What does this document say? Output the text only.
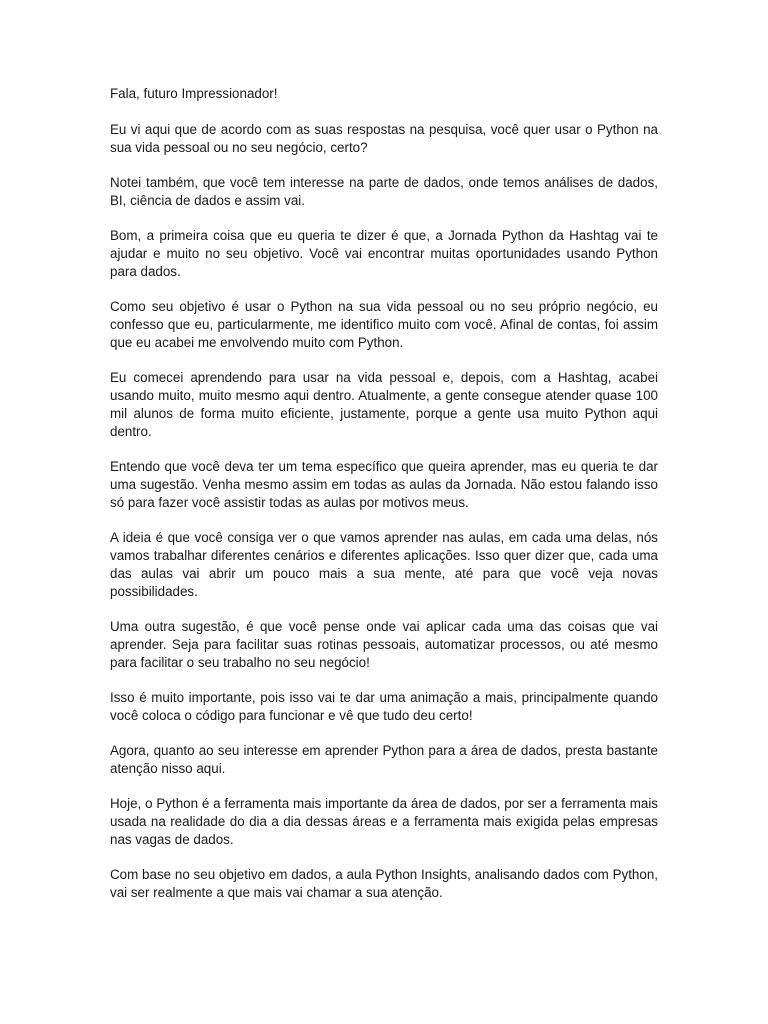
Fala, futuro Impressionador!

Eu vi aqui que de acordo com as suas respostas na pesquisa, você quer usar o Python na sua vida pessoal ou no seu negócio, certo?

Notei também, que você tem interesse na parte de dados, onde temos análises de dados, BI, ciência de dados e assim vai.

Bom, a primeira coisa que eu queria te dizer é que, a Jornada Python da Hashtag vai te ajudar e muito no seu objetivo. Você vai encontrar muitas oportunidades usando Python para dados.

Como seu objetivo é usar o Python na sua vida pessoal ou no seu próprio negócio, eu confesso que eu, particularmente, me identifico muito com você. Afinal de contas, foi assim que eu acabei me envolvendo muito com Python.

Eu comecei aprendendo para usar na vida pessoal e, depois, com a Hashtag, acabei usando muito, muito mesmo aqui dentro. Atualmente, a gente consegue atender quase 100 mil alunos de forma muito eficiente, justamente, porque a gente usa muito Python aqui dentro.

Entendo que você deva ter um tema específico que queira aprender, mas eu queria te dar uma sugestão. Venha mesmo assim em todas as aulas da Jornada. Não estou falando isso só para fazer você assistir todas as aulas por motivos meus.

A ideia é que você consiga ver o que vamos aprender nas aulas, em cada uma delas, nós vamos trabalhar diferentes cenários e diferentes aplicações. Isso quer dizer que, cada uma das aulas vai abrir um pouco mais a sua mente, até para que você veja novas possibilidades.

Uma outra sugestão, é que você pense onde vai aplicar cada uma das coisas que vai aprender. Seja para facilitar suas rotinas pessoais, automatizar processos, ou até mesmo para facilitar o seu trabalho no seu negócio!

Isso é muito importante, pois isso vai te dar uma animação a mais, principalmente quando você coloca o código para funcionar e vê que tudo deu certo!

Agora, quanto ao seu interesse em aprender Python para a área de dados, presta bastante atenção nisso aqui.

Hoje, o Python é a ferramenta mais importante da área de dados, por ser a ferramenta mais usada na realidade do dia a dia dessas áreas e a ferramenta mais exigida pelas empresas nas vagas de dados.

Com base no seu objetivo em dados, a aula Python Insights, analisando dados com Python, vai ser realmente a que mais vai chamar a sua atenção.
